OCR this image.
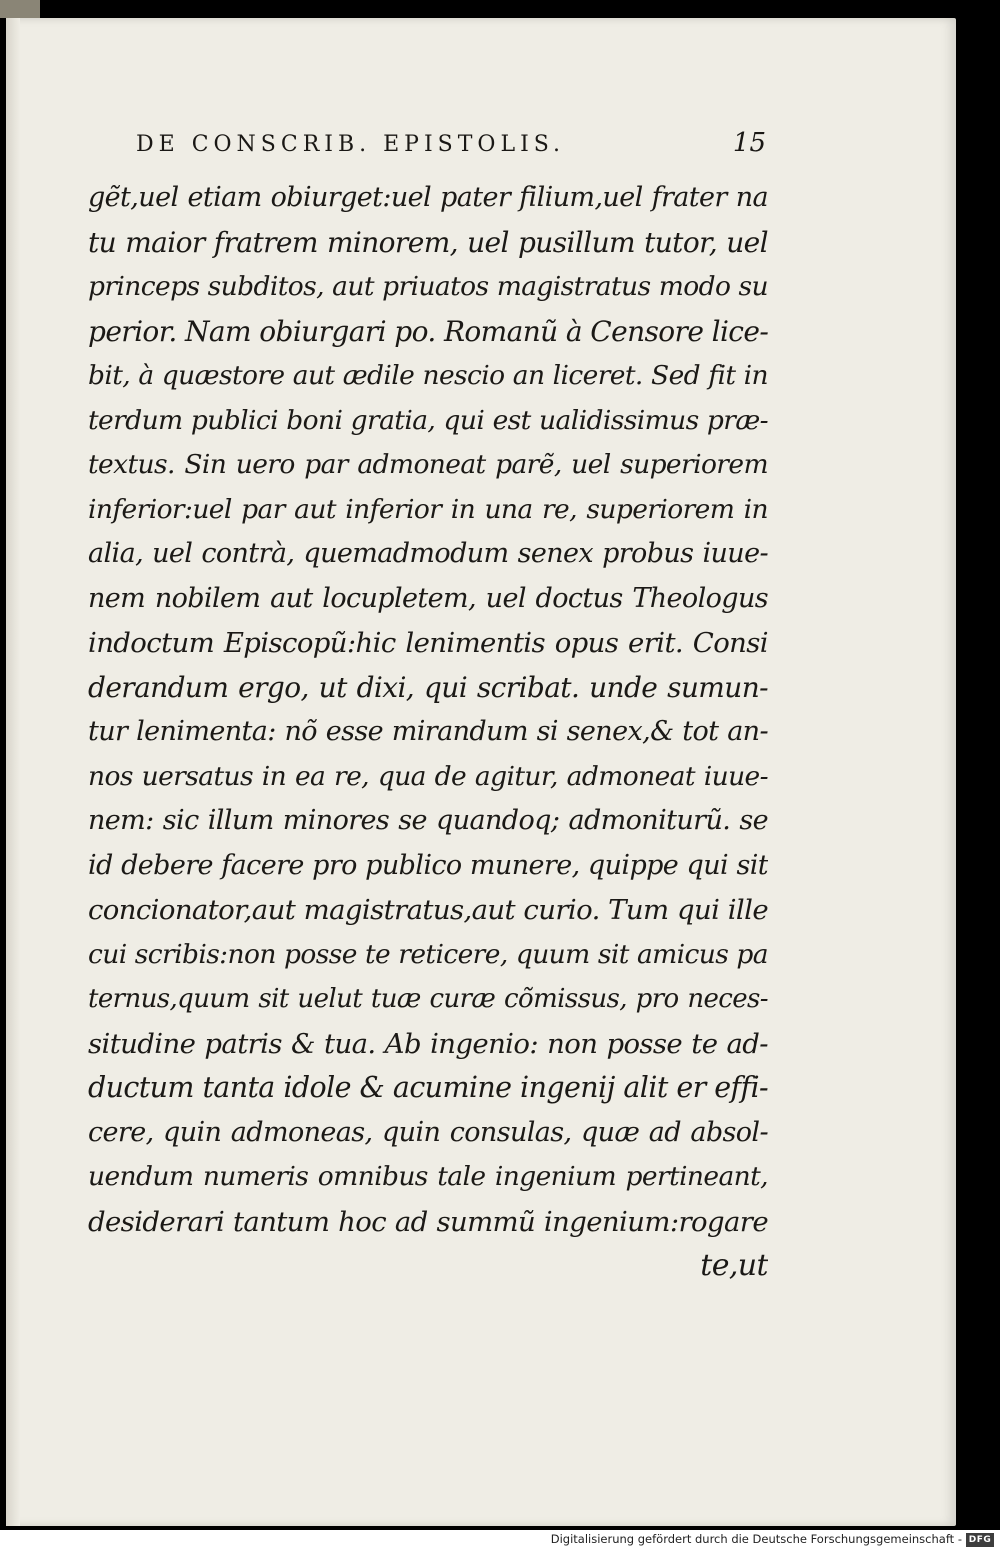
DE CONSCRIB. EPISTOLIS.	15
gẽt,uel etiam obiurget:uel pater filium,uel frater na
tu maior fratrem minorem, uel pusillum tutor, uel
princeps subditos, aut priuatos magistratus modo su
perior. Nam obiurgari po. Romanũ à Censore lice-
bit, à quæstore aut ædile nescio an liceret. Sed fit in
terdum publici boni gratia, qui est ualidissimus præ-
textus. Sin uero par admoneat parẽ, uel superiorem
inferior:uel par aut inferior in una re, superiorem in
alia, uel contrà, quemadmodum senex probus iuue-
nem nobilem aut locupletem, uel doctus Theologus
indoctum Episcopũ:hic lenimentis opus erit. Consi
derandum ergo, ut dixi, qui scribat. unde sumun-
tur lenimenta: nõ esse mirandum si senex,& tot an-
nos uersatus in ea re, qua de agitur, admoneat iuue-
nem: sic illum minores se quandoq; admoniturũ. se
id debere facere pro publico munere, quippe qui sit
concionator,aut magistratus,aut curio. Tum qui ille
cui scribis:non posse te reticere, quum sit amicus pa
ternus,quum sit uelut tuæ curæ cõmissus, pro neces-
situdine patris & tua. Ab ingenio: non posse te ad-
ductum tanta idole & acumine ingenij alit er effi-
cere, quin admoneas, quin consulas, quæ ad absol-
uendum numeris omnibus tale ingenium pertineant,
desiderari tantum hoc ad summũ ingenium:rogare
te,ut
Digitalisierung gefördert durch die Deutsche Forschungsgemeinschaft - DFG
